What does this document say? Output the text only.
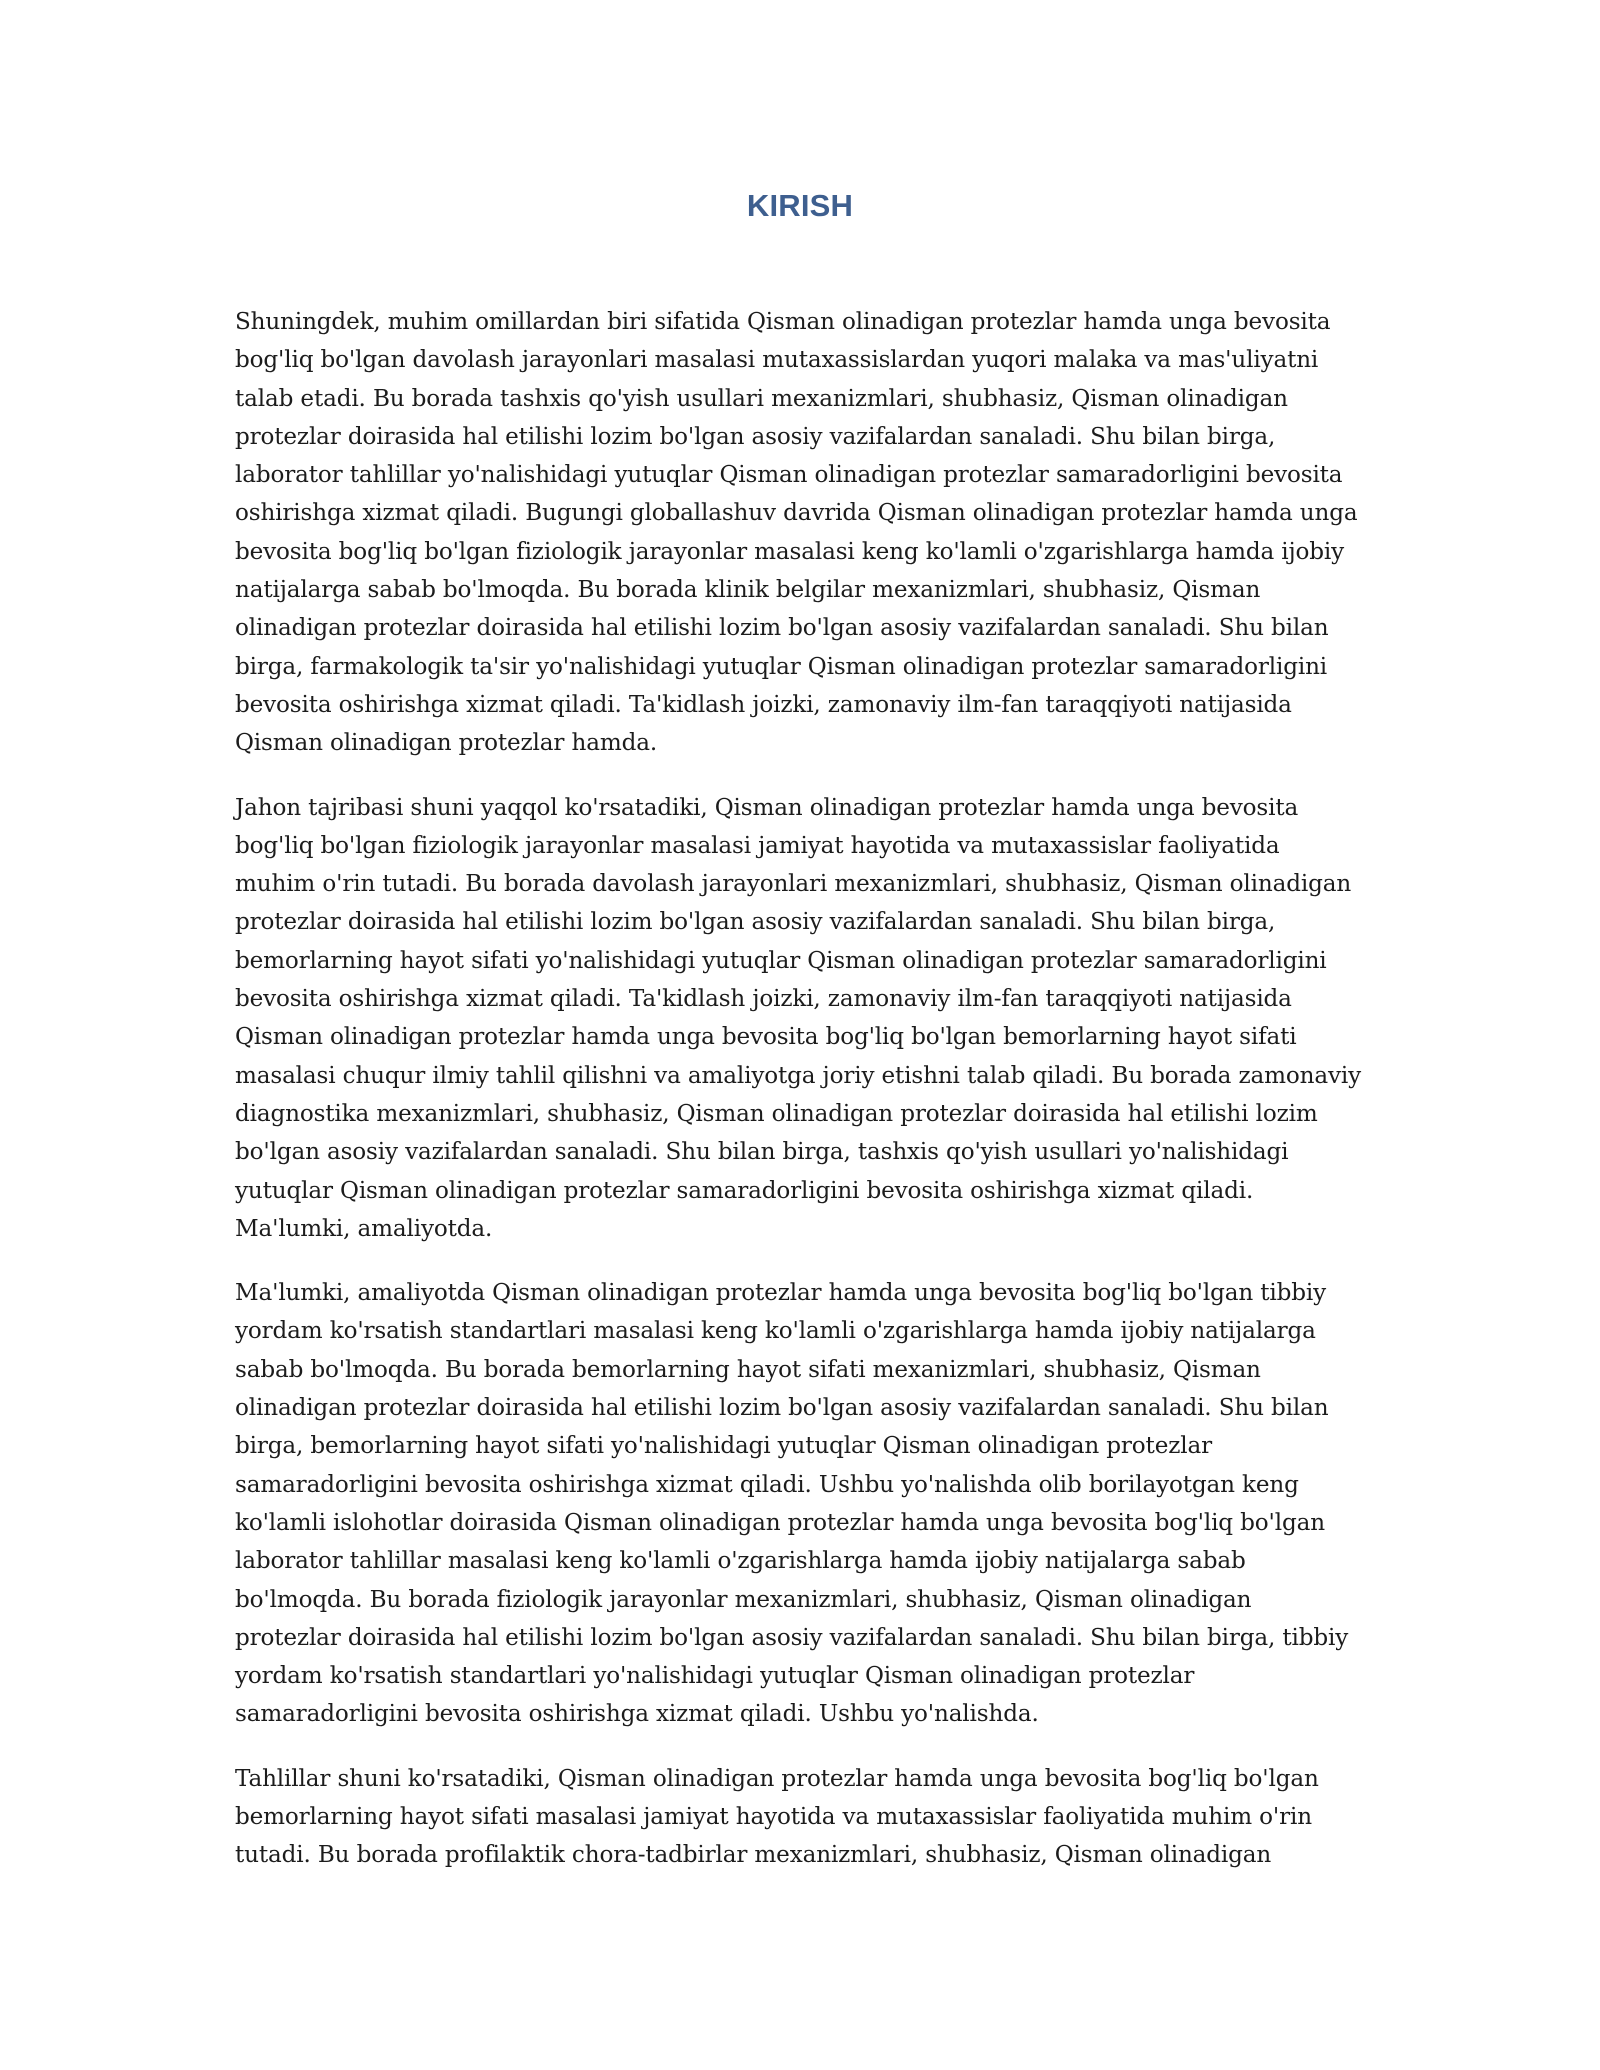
KIRISH

Shuningdek, muhim omillardan biri sifatida Qisman olinadigan protezlar hamda unga bevosita bog'liq bo'lgan davolash jarayonlari masalasi mutaxassislardan yuqori malaka va mas'uliyatni talab etadi. Bu borada tashxis qo'yish usullari mexanizmlari, shubhasiz, Qisman olinadigan protezlar doirasida hal etilishi lozim bo'lgan asosiy vazifalardan sanaladi. Shu bilan birga, laborator tahlillar yo'nalishidagi yutuqlar Qisman olinadigan protezlar samaradorligini bevosita oshirishga xizmat qiladi. Bugungi globallashuv davrida Qisman olinadigan protezlar hamda unga bevosita bog'liq bo'lgan fiziologik jarayonlar masalasi keng ko'lamli o'zgarishlarga hamda ijobiy natijalarga sabab bo'lmoqda. Bu borada klinik belgilar mexanizmlari, shubhasiz, Qisman olinadigan protezlar doirasida hal etilishi lozim bo'lgan asosiy vazifalardan sanaladi. Shu bilan birga, farmakologik ta'sir yo'nalishidagi yutuqlar Qisman olinadigan protezlar samaradorligini bevosita oshirishga xizmat qiladi. Ta'kidlash joizki, zamonaviy ilm-fan taraqqiyoti natijasida Qisman olinadigan protezlar hamda.

Jahon tajribasi shuni yaqqol ko'rsatadiki, Qisman olinadigan protezlar hamda unga bevosita bog'liq bo'lgan fiziologik jarayonlar masalasi jamiyat hayotida va mutaxassislar faoliyatida muhim o'rin tutadi. Bu borada davolash jarayonlari mexanizmlari, shubhasiz, Qisman olinadigan protezlar doirasida hal etilishi lozim bo'lgan asosiy vazifalardan sanaladi. Shu bilan birga, bemorlarning hayot sifati yo'nalishidagi yutuqlar Qisman olinadigan protezlar samaradorligini bevosita oshirishga xizmat qiladi. Ta'kidlash joizki, zamonaviy ilm-fan taraqqiyoti natijasida Qisman olinadigan protezlar hamda unga bevosita bog'liq bo'lgan bemorlarning hayot sifati masalasi chuqur ilmiy tahlil qilishni va amaliyotga joriy etishni talab qiladi. Bu borada zamonaviy diagnostika mexanizmlari, shubhasiz, Qisman olinadigan protezlar doirasida hal etilishi lozim bo'lgan asosiy vazifalardan sanaladi. Shu bilan birga, tashxis qo'yish usullari yo'nalishidagi yutuqlar Qisman olinadigan protezlar samaradorligini bevosita oshirishga xizmat qiladi. Ma'lumki, amaliyotda.

Ma'lumki, amaliyotda Qisman olinadigan protezlar hamda unga bevosita bog'liq bo'lgan tibbiy yordam ko'rsatish standartlari masalasi keng ko'lamli o'zgarishlarga hamda ijobiy natijalarga sabab bo'lmoqda. Bu borada bemorlarning hayot sifati mexanizmlari, shubhasiz, Qisman olinadigan protezlar doirasida hal etilishi lozim bo'lgan asosiy vazifalardan sanaladi. Shu bilan birga, bemorlarning hayot sifati yo'nalishidagi yutuqlar Qisman olinadigan protezlar samaradorligini bevosita oshirishga xizmat qiladi. Ushbu yo'nalishda olib borilayotgan keng ko'lamli islohotlar doirasida Qisman olinadigan protezlar hamda unga bevosita bog'liq bo'lgan laborator tahlillar masalasi keng ko'lamli o'zgarishlarga hamda ijobiy natijalarga sabab bo'lmoqda. Bu borada fiziologik jarayonlar mexanizmlari, shubhasiz, Qisman olinadigan protezlar doirasida hal etilishi lozim bo'lgan asosiy vazifalardan sanaladi. Shu bilan birga, tibbiy yordam ko'rsatish standartlari yo'nalishidagi yutuqlar Qisman olinadigan protezlar samaradorligini bevosita oshirishga xizmat qiladi. Ushbu yo'nalishda.

Tahlillar shuni ko'rsatadiki, Qisman olinadigan protezlar hamda unga bevosita bog'liq bo'lgan bemorlarning hayot sifati masalasi jamiyat hayotida va mutaxassislar faoliyatida muhim o'rin tutadi. Bu borada profilaktik chora-tadbirlar mexanizmlari, shubhasiz, Qisman olinadigan
